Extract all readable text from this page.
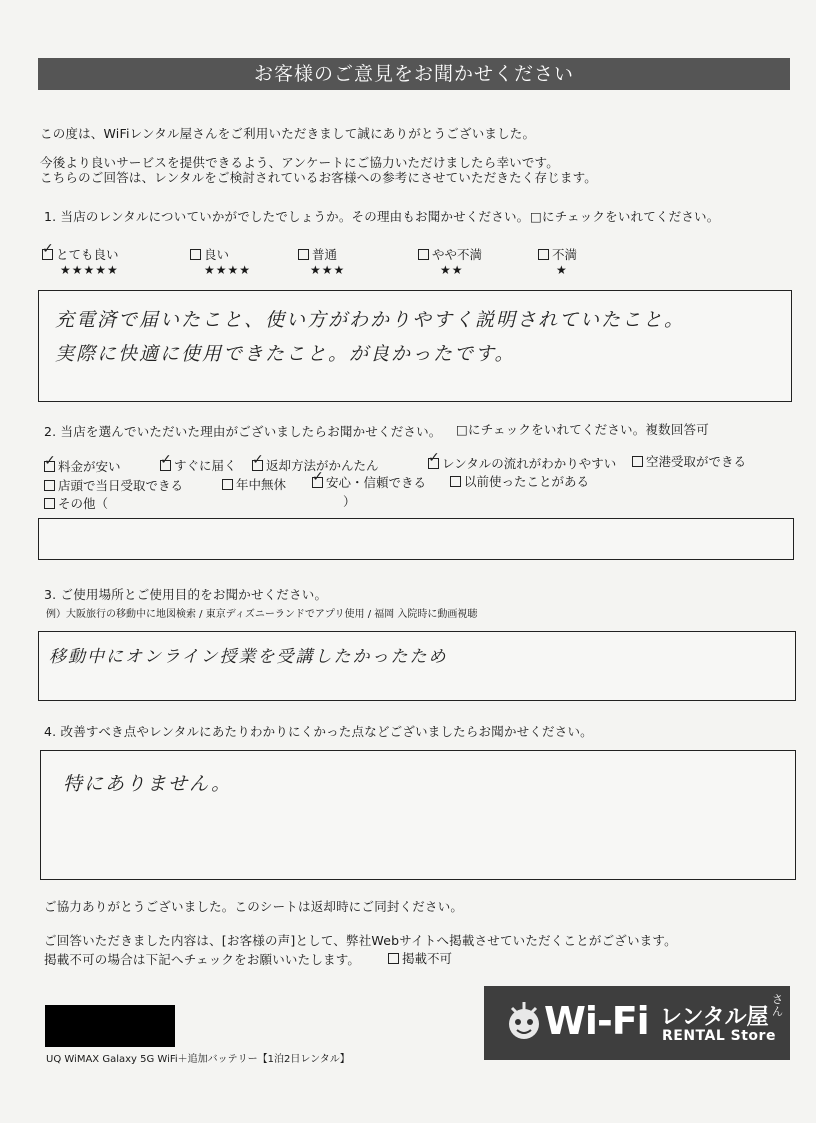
お客様のご意見をお聞かせください
この度は、WiFiレンタル屋さんをご利用いただきまして誠にありがとうございました。
今後より良いサービスを提供できるよう、アンケートにご協力いただけましたら幸いです。
こちらのご回答は、レンタルをご検討されているお客様への参考にさせていただきたく存じます。
1. 当店のレンタルについていかがでしたでしょうか。その理由もお聞かせください。 □にチェックをいれてください。
✓とても良い
★★★★★
良い
★★★★
普通
★★★
やや不満
★★
不満
★
充電済で届いたこと、使い方がわかりやすく説明されていたこと。
実際に快適に使用できたこと。が良かったです。
2. 当店を選んでいただいた理由がございましたらお聞かせください。 □にチェックをいれてください。複数回答可
✓料金が安い ✓	すぐに届く ✓	返却方法がかんたん ✓	レンタルの流れがわかりやすい	空港受取ができる
店頭で当日受取できる	年中無休 ✓	安心・信頼できる	以前使ったことがある
その他（	）
3. ご使用場所とご使用目的をお聞かせください。
例）大阪旅行の移動中に地図検索 / 東京ディズニーランドでアプリ使用 / 福岡 入院時に動画視聴
移動中にオンライン授業を受講したかったため
4. 改善すべき点やレンタルにあたりわかりにくかった点などございましたらお聞かせください。
特にありません。
ご協力ありがとうございました。このシートは返却時にご同封ください。
ご回答いただきました内容は、[お客様の声]として、弊社Webサイトへ掲載させていただくことがございます。
掲載不可の場合は下記へチェックをお願いいたします。	掲載不可
UQ WiMAX Galaxy 5G WiFi＋追加バッテリー【1泊2日レンタル】
Wi-Fi レンタル屋
さん
RENTAL Store
